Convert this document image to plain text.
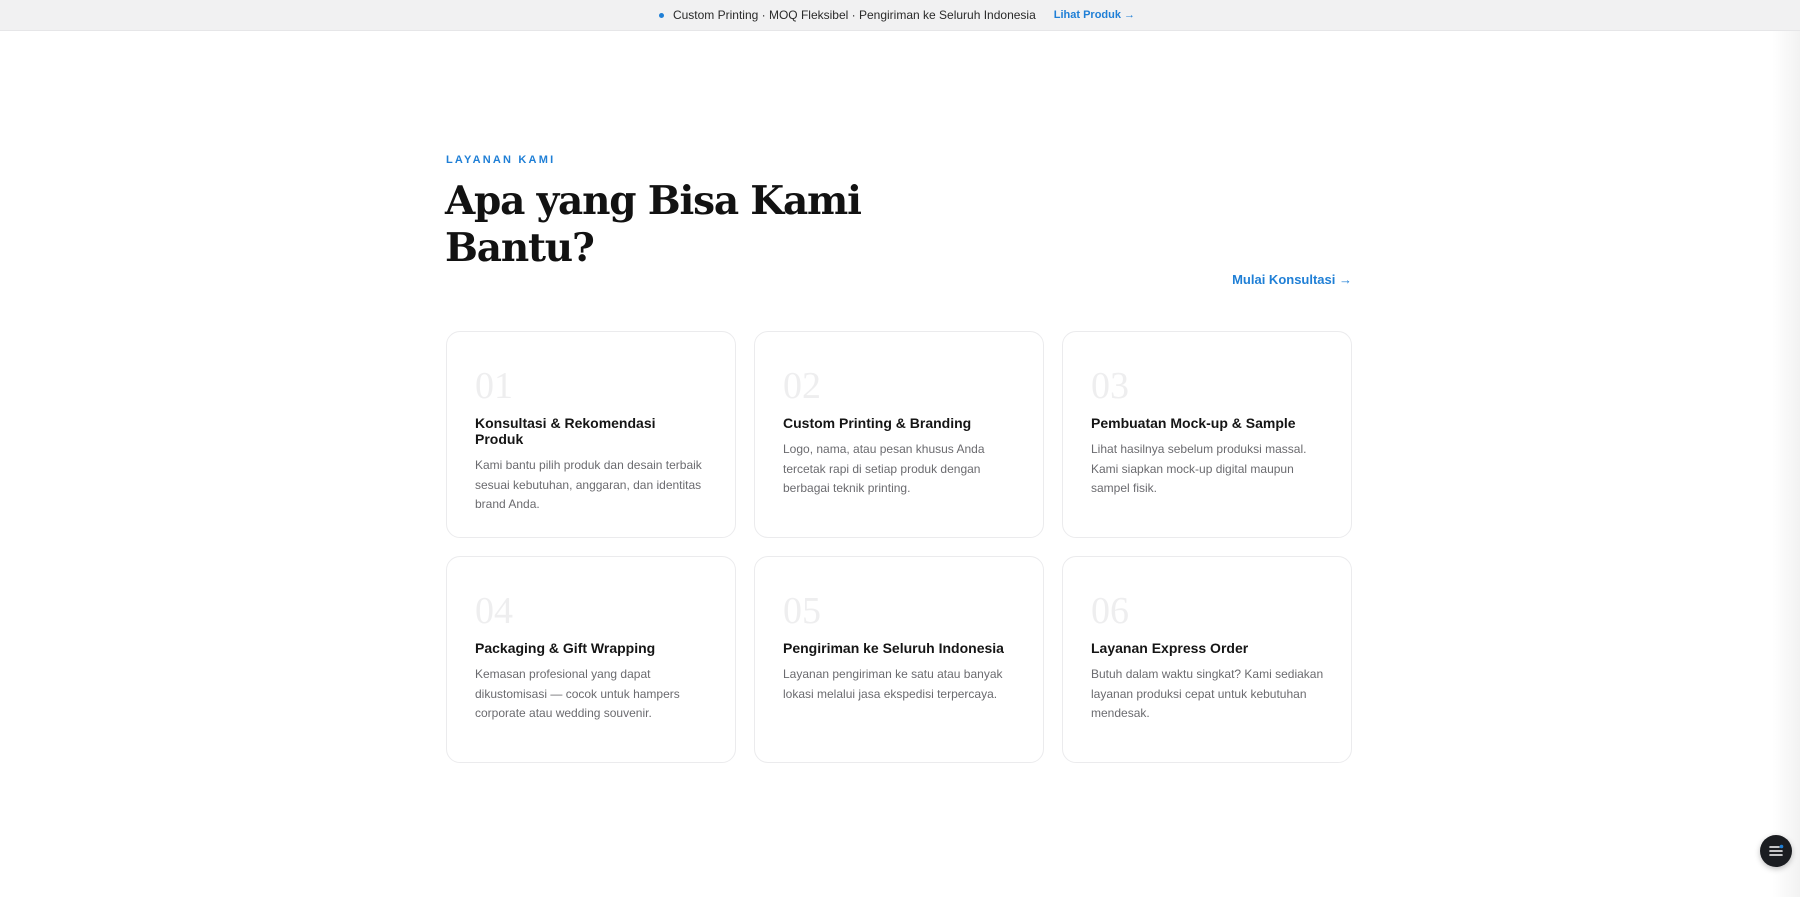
Custom Printing · MOQ Fleksibel · Pengiriman ke Seluruh Indonesia Lihat Produk →
LAYANAN KAMI
Apa yang Bisa Kami Bantu?
Mulai Konsultasi →
01
Konsultasi & Rekomendasi Produk
Kami bantu pilih produk dan desain terbaik sesuai kebutuhan, anggaran, dan identitas brand Anda.
02
Custom Printing & Branding
Logo, nama, atau pesan khusus Anda tercetak rapi di setiap produk dengan berbagai teknik printing.
03
Pembuatan Mock-up & Sample
Lihat hasilnya sebelum produksi massal. Kami siapkan mock-up digital maupun sampel fisik.
04
Packaging & Gift Wrapping
Kemasan profesional yang dapat dikustomisasi — cocok untuk hampers corporate atau wedding souvenir.
05
Pengiriman ke Seluruh Indonesia
Layanan pengiriman ke satu atau banyak lokasi melalui jasa ekspedisi terpercaya.
06
Layanan Express Order
Butuh dalam waktu singkat? Kami sediakan layanan produksi cepat untuk kebutuhan mendesak.
